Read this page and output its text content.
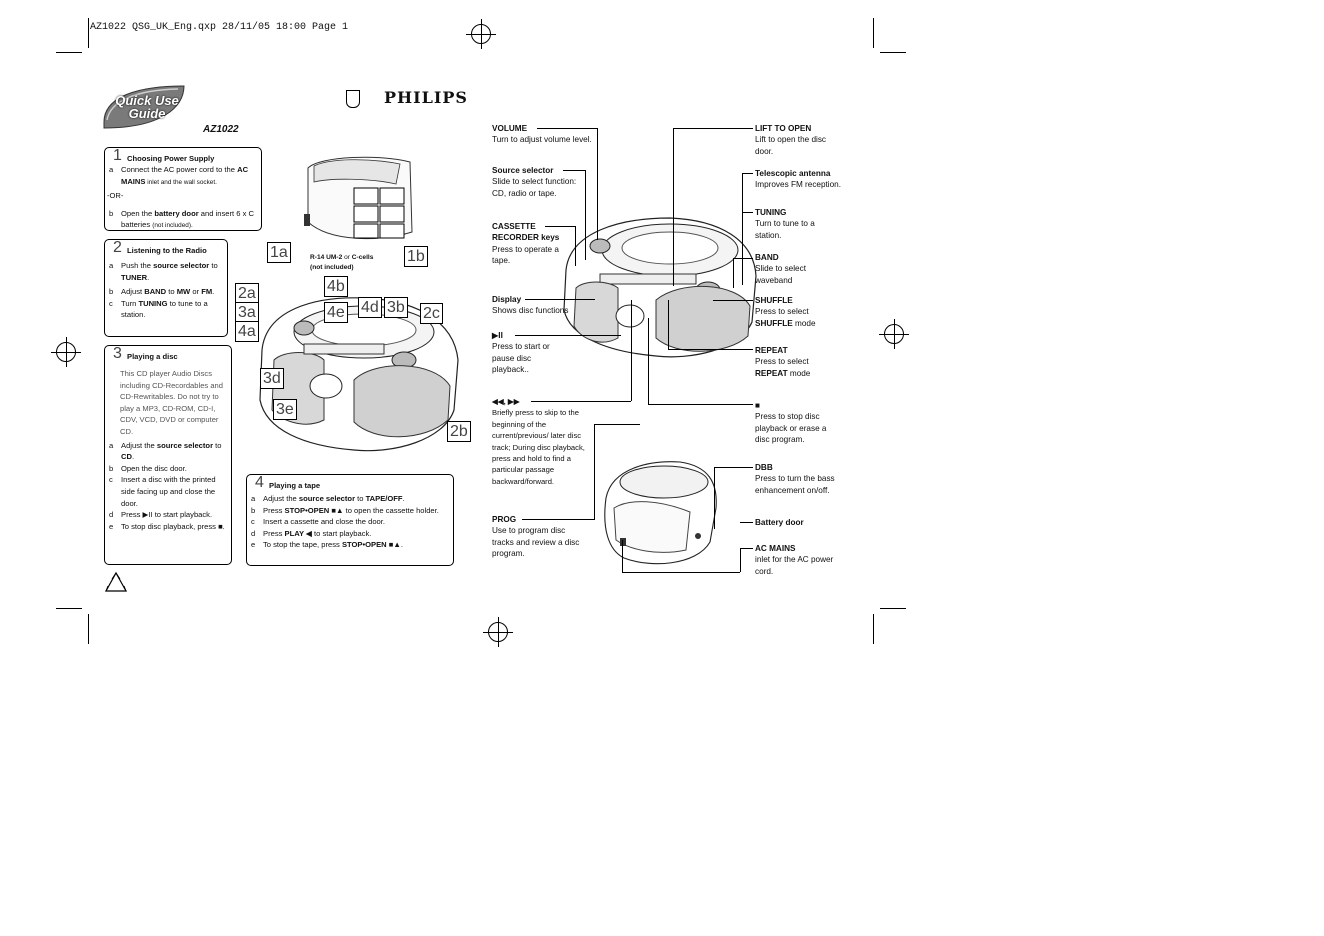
AZ1022 QSG_UK_Eng.qxp 28/11/05 18:00 Page 1
Quick Use
Guide
AZ1022
PHILIPS
1 Choosing Power Supply
a	Connect the AC power cord to the AC MAINS inlet and the wall socket.
-OR-
b	Open the battery door and insert 6 x C batteries (not included).
2 Listening to the Radio
a	Push the source selector to TUNER.
b	Adjust BAND to MW or FM.
c	Turn TUNING to tune to a station.
3 Playing a disc
This CD player Audio Discs including CD-Recordables and CD-Rewritables. Do not try to play a MP3, CD-ROM, CD-I, CDV, VCD, DVD or computer CD.
a	Adjust the source selector to CD.
b	Open the disc door.
c	Insert a disc with the printed side facing up and close the door.
d	Press ▶II to start playback.
e	To stop disc playback, press ■.
4 Playing a tape
a	Adjust the source selector to TAPE/OFF.
b	Press STOP•OPEN ■▲ to open the cassette holder.
c	Insert a cassette and close the door.
d	Press PLAY ◀ to start playback.
e	To stop the tape, press STOP•OPEN ■▲.
R-14 UM-2 or C-cells
(not included)
1a	1b
2a
3a
4a
4b
4e 4d 3b 2c
3d
3e
2b
VOLUME
Turn to adjust volume level.
Source selector
Slide to select function: CD, radio or tape.
CASSETTE RECORDER keys
Press to operate a tape.
Display
Shows disc functions
▶II
Press to start or pause disc playback..
◀◀, ▶▶
Briefly press to skip to the beginning of the current/previous/ later disc track; During disc playback, press and hold to find a particular passage backward/forward.
PROG
Use to program disc tracks and review a disc program.
LIFT TO OPEN
Lift to open the disc door.
Telescopic antenna
Improves FM reception.
TUNING
Turn to tune to a station.
BAND
Slide to select waveband
SHUFFLE
Press to select
SHUFFLE mode
REPEAT
Press to select
REPEAT mode
■
Press to stop disc playback or erase a disc program.
DBB
Press to turn the bass enhancement on/off.
Battery door
AC MAINS
inlet for the AC power cord.
